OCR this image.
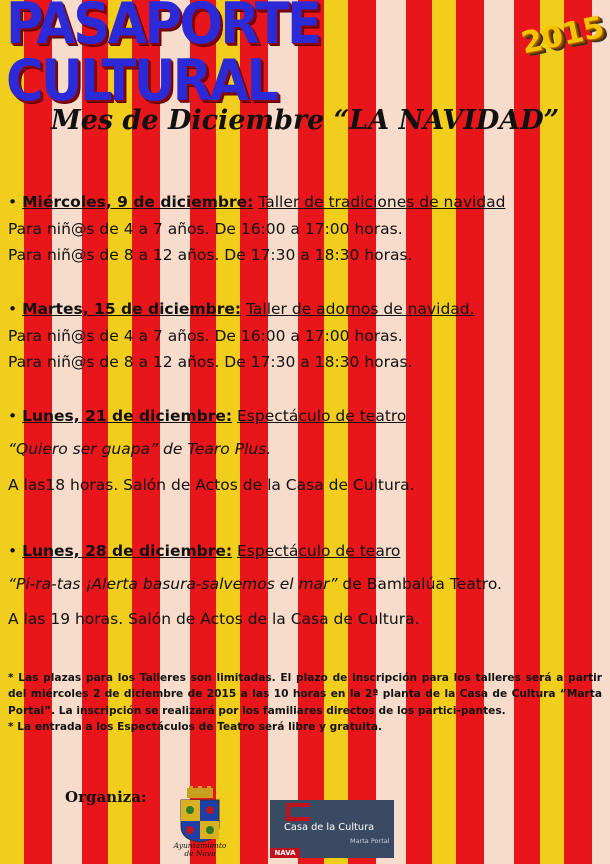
PASAPORTE CULTURAL
2015
Mes de Diciembre “LA NAVIDAD”
• Miércoles, 9 de diciembre: Taller de tradiciones de navidad
Para niñ@s de 4 a 7 años. De 16:00 a 17:00 horas.
Para niñ@s de 8 a 12 años. De 17:30 a 18:30 horas.
• Martes, 15 de diciembre: Taller de adornos de navidad.
Para niñ@s de 4 a 7 años. De 16:00 a 17:00 horas.
Para niñ@s de 8 a 12 años. De 17:30 a 18:30 horas.
• Lunes, 21 de diciembre: Espectáculo de teatro
“Quiero ser guapa” de Tearo Plus.
A las18 horas. Salón de Actos de la Casa de Cultura.
• Lunes, 28 de diciembre: Espectáculo de tearo
“Pi-ra-tas ¡Alerta basura-salvemos el mar” de Bambalúa Teatro.
A las 19 horas. Salón de Actos de la Casa de Cultura.

* Las plazas para los Talleres son limitadas. El plazo de inscripción para los talleres será a partir del miércoles 2 de diciembre de 2015 a las 10 horas en la 2ª planta de la Casa de Cultura “Marta Portal”. La inscripción se realizará por los familiares directos de los partici-pantes.

* La entrada a los Espectáculos de Teatro será libre y gratuita.

Organiza:
Ayuntamiento de Nava
Casa de la Cultura
Marta Portal
NAVA
